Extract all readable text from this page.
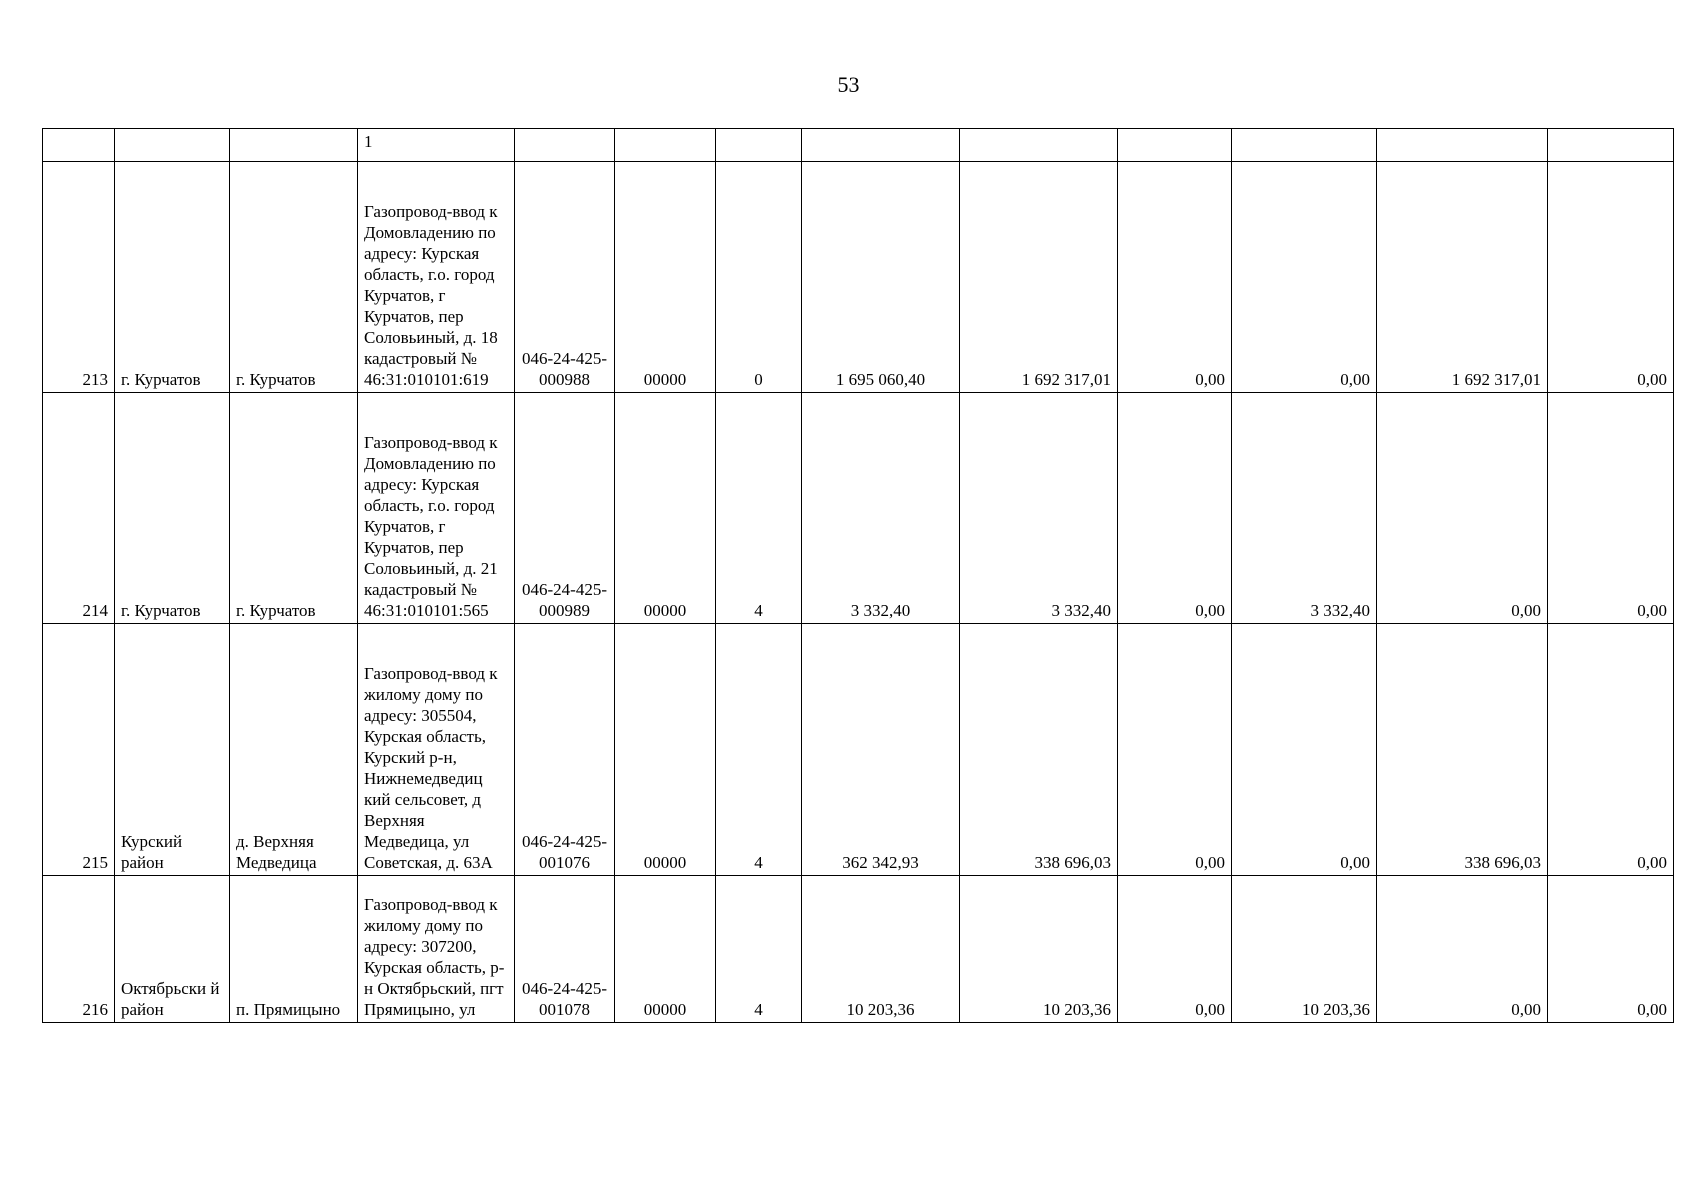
53
			1									
213	г. Курчатов	г. Курчатов	Газопровод-ввод к Домовладению по адресу: Курская область, г.о. город Курчатов, г Курчатов, пер Соловьиный, д. 18 кадастровый № 46:31:010101:619	046-24-425-000988	00000	0	1 695 060,40	1 692 317,01	0,00	0,00	1 692 317,01	0,00
214	г. Курчатов	г. Курчатов	Газопровод-ввод к Домовладению по адресу: Курская область, г.о. город Курчатов, г Курчатов, пер Соловьиный, д. 21 кадастровый № 46:31:010101:565	046-24-425-000989	00000	4	3 332,40	3 332,40	0,00	3 332,40	0,00	0,00
215	Курский район	д. Верхняя Медведица	Газопровод-ввод к жилому дому по адресу: 305504, Курская область, Курский р-н, Нижнемедведиц кий сельсовет, д Верхняя Медведица, ул Советская, д. 63А	046-24-425-001076	00000	4	362 342,93	338 696,03	0,00	0,00	338 696,03	0,00
216	Октябрьски й район	п. Прямицыно	Газопровод-ввод к жилому дому по адресу: 307200, Курская область, р-н Октябрьский, пгт Прямицыно, ул	046-24-425-001078	00000	4	10 203,36	10 203,36	0,00	10 203,36	0,00	0,00
